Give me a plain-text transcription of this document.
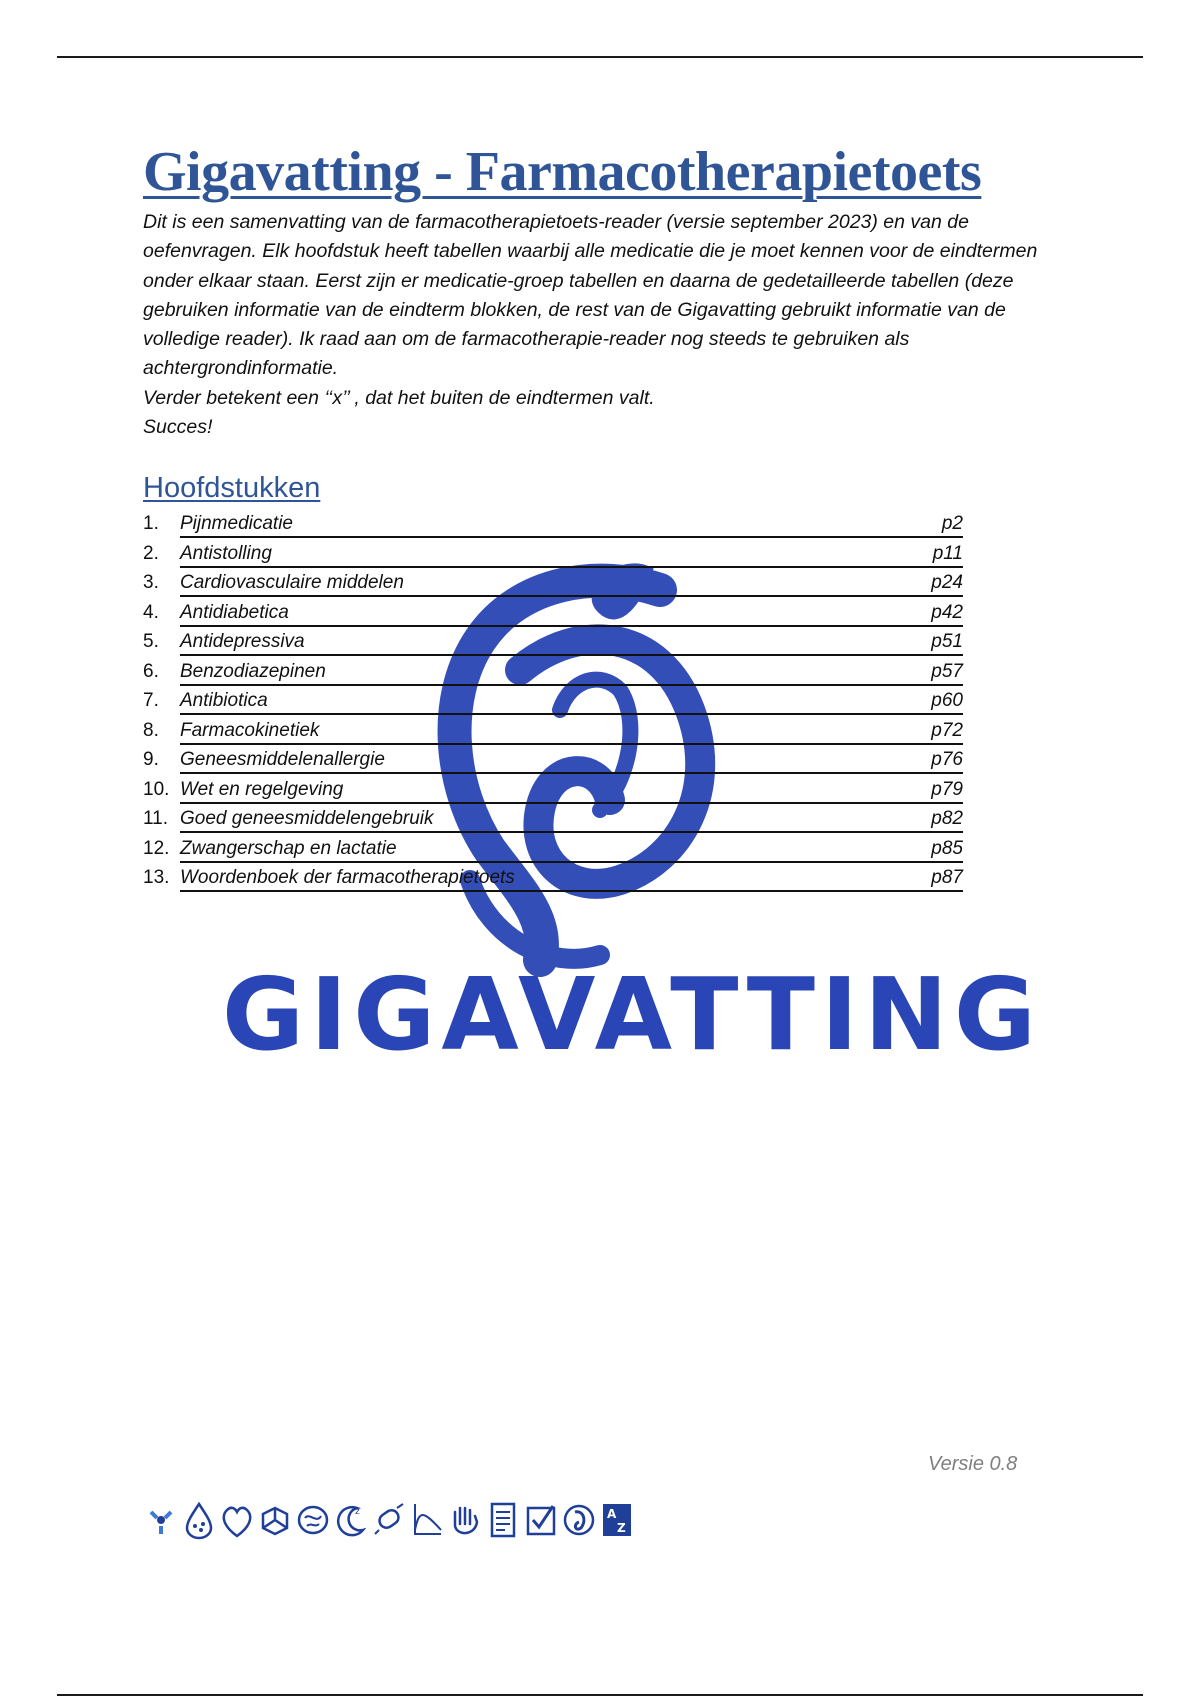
Gigavatting - Farmacotherapietoets

Dit is een samenvatting van de farmacotherapietoets-reader (versie september 2023) en van de oefenvragen. Elk hoofdstuk heeft tabellen waarbij alle medicatie die je moet kennen voor de eindtermen onder elkaar staan. Eerst zijn er medicatie-groep tabellen en daarna de gedetailleerde tabellen (deze gebruiken informatie van de eindterm blokken, de rest van de Gigavatting gebruikt informatie van de volledige reader). Ik raad aan om de farmacotherapie-reader nog steeds te gebruiken als achtergrondinformatie.

Verder betekent een ‘‘x’’ , dat het buiten de eindtermen valt.

Succes!

Hoofdstukken
1. Pijnmedicatie	p2
2. Antistolling	p11
3. Cardiovasculaire middelen	p24
4. Antidiabetica	p42
5. Antidepressiva	p51
6. Benzodiazepinen	p57
7. Antibiotica	p60
8. Farmacokinetiek	p72
9. Geneesmiddelenallergie	p76
10. Wet en regelgeving	p79
11. Goed geneesmiddelengebruik	p82
12. Zwangerschap en lactatie	p85
13. Woordenboek der farmacotherapietoets	p87
GIGAVATTING
Versie 0.8
z	A
Z
